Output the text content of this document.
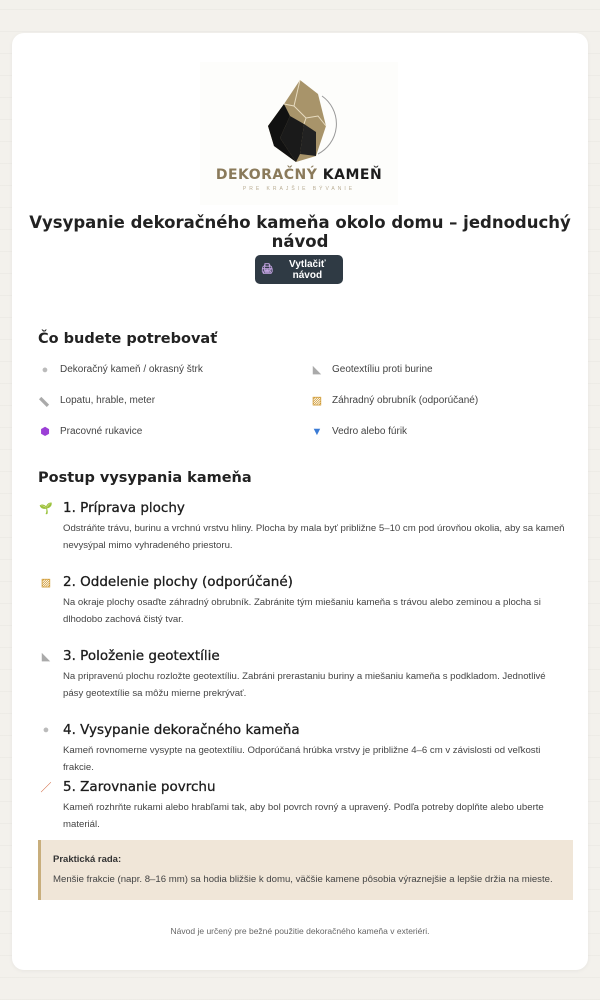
DEKORAČNÝ KAMEŇ
PRE KRAJŠIE BÝVANIE
Vysypanie dekoračného kameňa okolo domu – jednoduchý návod
🖨	Vytlačiť návod
Čo budete potrebovať
●	Dekoračný kameň / okrasný štrk	◣ Geotextíliu proti burine
▬ Lopatu, hrable, meter	▨ Záhradný obrubník (odporúčané)
⬢ Pracovné rukavice	▼ Vedro alebo fúrik
Postup vysypania kameňa
🌱 1. Príprava plochy

Odstráňte trávu, burinu a vrchnú vrstvu hliny. Plocha by mala byť približne 5–10 cm pod úrovňou okolia, aby sa kameň nevysýpal mimo vyhradeného priestoru.

▨ 2. Oddelenie plochy (odporúčané)

Na okraje plochy osaďte záhradný obrubník. Zabránite tým miešaniu kameňa s trávou alebo zeminou a plocha si dlhodobo zachová čistý tvar.

◣ 3. Položenie geotextílie

Na pripravenú plochu rozložte geotextíliu. Zabráni prerastaniu buriny a miešaniu kameňa s podkladom. Jednotlivé pásy geotextílie sa môžu mierne prekrývať.

●	4. Vysypanie dekoračného kameňa

Kameň rovnomerne vysypte na geotextíliu. Odporúčaná hrúbka vrstvy je približne 4–6 cm v závislosti od veľkosti frakcie.

／ 5. Zarovnanie povrchu

Kameň rozhrňte rukami alebo hrabľami tak, aby bol povrch rovný a upravený. Podľa potreby doplňte alebo uberte materiál.

Praktická rada:
Menšie frakcie (napr. 8–16 mm) sa hodia bližšie k domu, väčšie kamene pôsobia výraznejšie a lepšie držia na mieste.
Návod je určený pre bežné použitie dekoračného kameňa v exteriéri.
